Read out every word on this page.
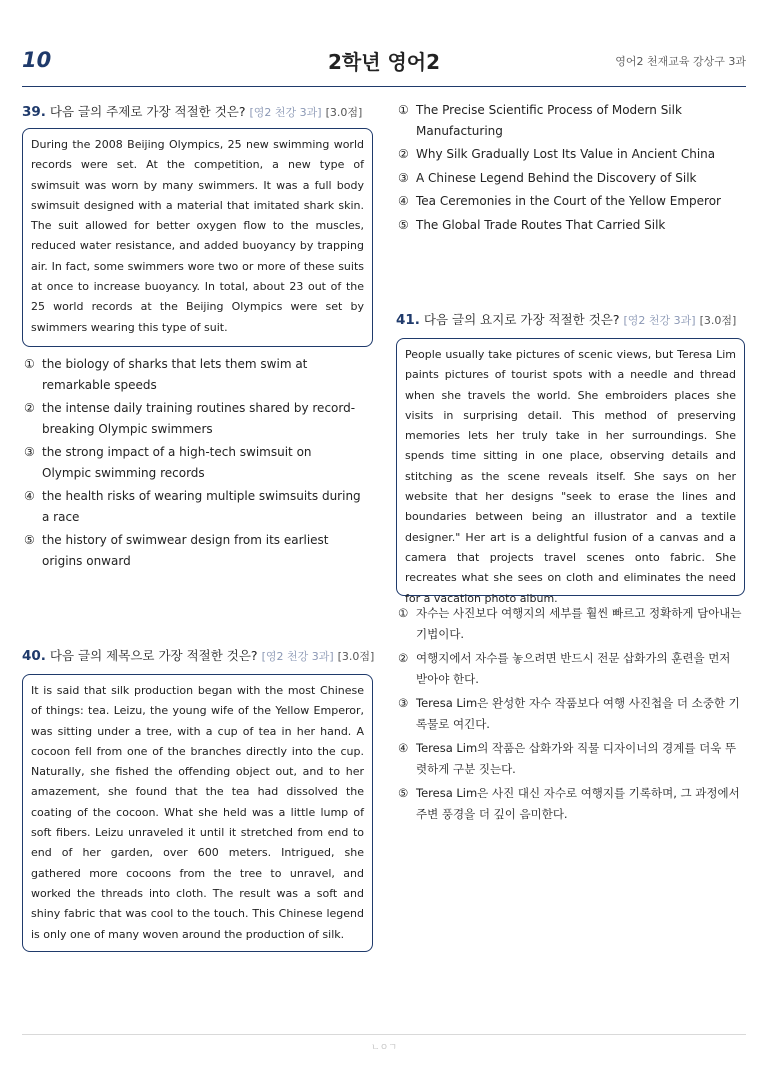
10	2학년 영어2	영어2 천재교육 강상구 3과
39. 다음 글의 주제로 가장 적절한 것은? [영2 천강 3과] [3.0점]
During the 2008 Beijing Olympics, 25 new swimming world records were set. At the competition, a new type of swimsuit was worn by many swimmers. It was a full body swimsuit designed with a material that imitated shark skin. The suit allowed for better oxygen flow to the muscles, reduced water resistance, and added buoyancy by trapping air. In fact, some swimmers wore two or more of these suits at once to increase buoyancy. In total, about 23 out of the 25 world records at the Beijing Olympics were set by swimmers wearing this type of suit.
① the biology of sharks that lets them swim at remarkable speeds
② the intense daily training routines shared by record-breaking Olympic swimmers
③ the strong impact of a high-tech swimsuit on Olympic swimming records
④ the health risks of wearing multiple swimsuits during a race
⑤ the history of swimwear design from its earliest origins onward
40. 다음 글의 제목으로 가장 적절한 것은? [영2 천강 3과] [3.0점]
It is said that silk production began with the most Chinese of things: tea. Leizu, the young wife of the Yellow Emperor, was sitting under a tree, with a cup of tea in her hand. A cocoon fell from one of the branches directly into the cup. Naturally, she fished the offending object out, and to her amazement, she found that the tea had dissolved the coating of the cocoon. What she held was a little lump of soft fibers. Leizu unraveled it until it stretched from end to end of her garden, over 600 meters. Intrigued, she gathered more cocoons from the tree to unravel, and worked the threads into cloth. The result was a soft and shiny fabric that was cool to the touch. This Chinese legend is only one of many woven around the production of silk.
① The Precise Scientific Process of Modern Silk Manufacturing
② Why Silk Gradually Lost Its Value in Ancient China
③ A Chinese Legend Behind the Discovery of Silk
④ Tea Ceremonies in the Court of the Yellow Emperor
⑤ The Global Trade Routes That Carried Silk
41. 다음 글의 요지로 가장 적절한 것은? [영2 천강 3과] [3.0점]
People usually take pictures of scenic views, but Teresa Lim paints pictures of tourist spots with a needle and thread when she travels the world. She embroiders places she visits in surprising detail. This method of preserving memories lets her truly take in her surroundings. She spends time sitting in one place, observing details and stitching as the scene reveals itself. She says on her website that her designs "seek to erase the lines and boundaries between being an illustrator and a textile designer." Her art is a delightful fusion of a canvas and a camera that projects travel scenes onto fabric. She recreates what she sees on cloth and eliminates the need for a vacation photo album.
① 자수는 사진보다 여행지의 세부를 훨씬 빠르고 정확하게 담아내는 기법이다.
② 여행지에서 자수를 놓으려면 반드시 전문 삽화가의 훈련을 먼저 받아야 한다.
③ Teresa Lim은 완성한 자수 작품보다 여행 사진첩을 더 소중한 기록물로 여긴다.
④ Teresa Lim의 작품은 삽화가와 직물 디자이너의 경계를 더욱 뚜렷하게 구분 짓는다.
⑤ Teresa Lim은 사진 대신 자수로 여행지를 기록하며, 그 과정에서 주변 풍경을 더 깊이 음미한다.
ㄴㅇㄱ
